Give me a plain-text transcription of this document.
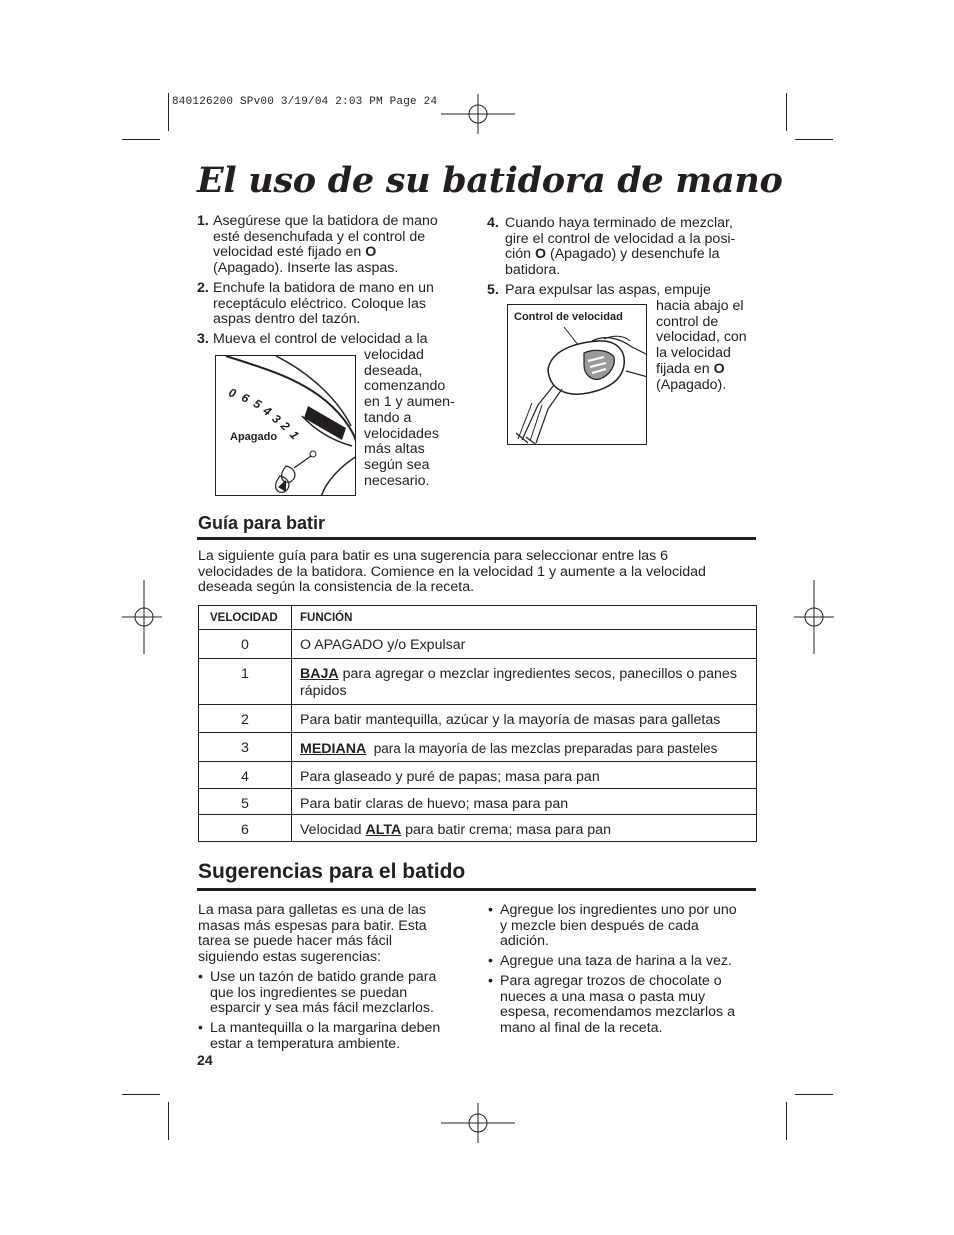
840126200 SPv00 3/19/04 2:03 PM Page 24
El uso de su batidora de mano
1. Asegúrese que la batidora de mano
esté desenchufada y el control de
velocidad esté fijado en O
(Apagado). Inserte las aspas.
2. Enchufe la batidora de mano en un
receptáculo eléctrico. Coloque las
aspas dentro del tazón.
3. Mueva el control de velocidad a la
velocidad
deseada,
comenzando
en 1 y aumen-
tando a
velocidades
más altas
según sea
necesario.
0 6 5
4
3
2
1
Apagado
4. Cuando haya terminado de mezclar,
gire el control de velocidad a la posi-
ción O (Apagado) y desenchufe la
batidora.
5. Para expulsar las aspas, empuje
hacia abajo el
control de
velocidad, con
la velocidad
fijada en O
(Apagado).
Control de velocidad
Guía para batir
La siguiente guía para batir es una sugerencia para seleccionar entre las 6
velocidades de la batidora. Comience en la velocidad 1 y aumente a la velocidad
deseada según la consistencia de la receta.
VELOCIDAD	FUNCIÓN
0	O APAGADO y/o Expulsar

1	BAJA para agregar o mezclar ingredientes secos, panecillos o panes rápidos

2	Para batir mantequilla, azúcar y la mayoría de masas para galletas

3	MEDIANA  para la mayoría de las mezclas preparadas para pasteles

4	Para glaseado y puré de papas; masa para pan

5	Para batir claras de huevo; masa para pan

6	Velocidad ALTA para batir crema; masa para pan
Sugerencias para el batido
La masa para galletas es una de las
masas más espesas para batir. Esta
tarea se puede hacer más fácil
siguiendo estas sugerencias:
• Use un tazón de batido grande para
que los ingredientes se puedan
esparcir y sea más fácil mezclarlos.
• La mantequilla o la margarina deben
estar a temperatura ambiente.
• Agregue los ingredientes uno por uno
y mezcle bien después de cada
adición.
• Agregue una taza de harina a la vez.
• Para agregar trozos de chocolate o
nueces a una masa o pasta muy
espesa, recomendamos mezclarlos a
mano al final de la receta.
24
